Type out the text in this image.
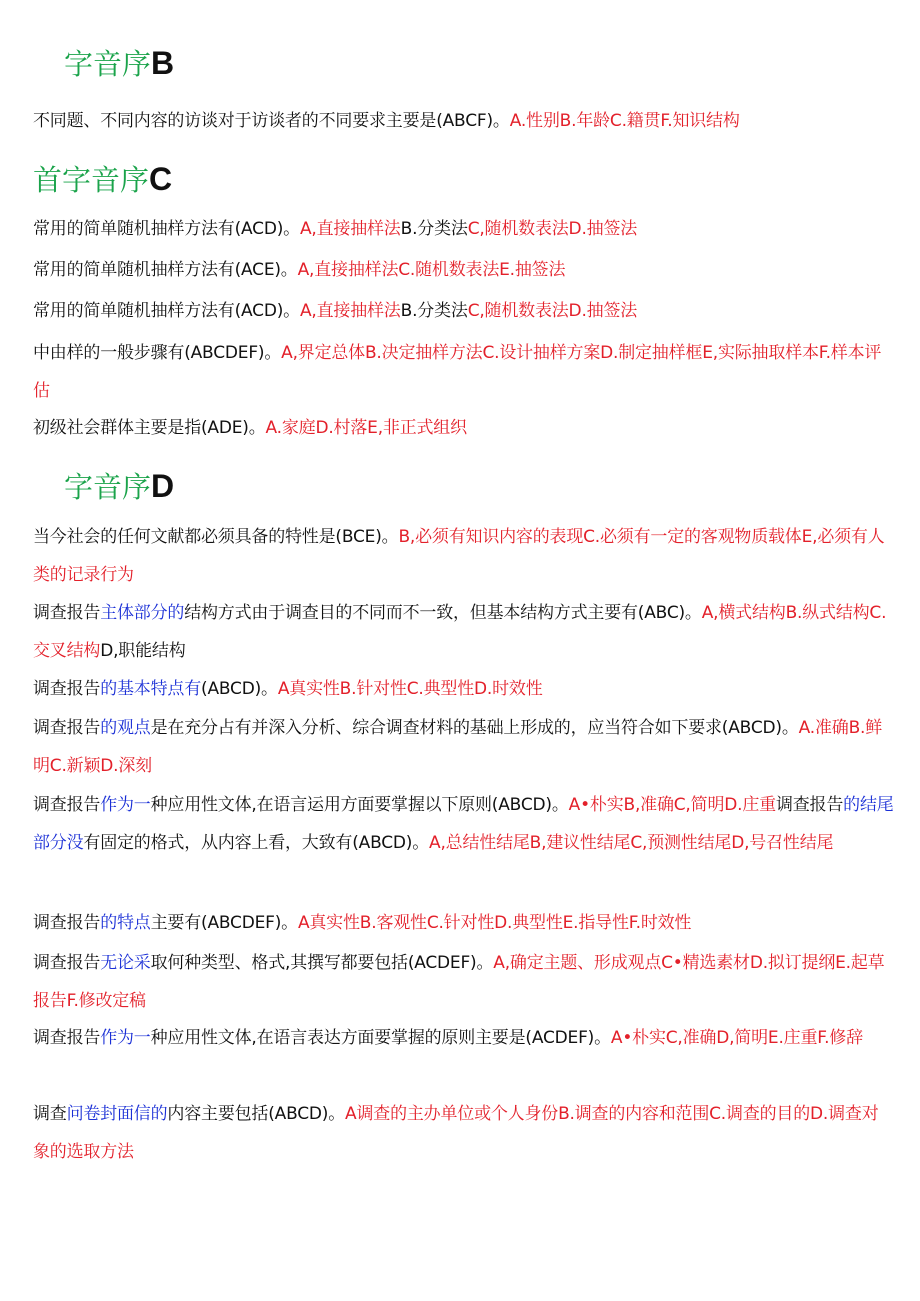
字音序B
不同题、不同内容的访谈对于访谈者的不同要求主要是(ABCF)。A.性别B.年龄C.籍贯F.知识结构
首字音序C
常用的简单随机抽样方法有(ACD)。A,直接抽样法B.分类法C,随机数表法D.抽签法
常用的简单随机抽样方法有(ACE)。A,直接抽样法C.随机数表法E.抽签法
常用的简单随机抽样方法有(ACD)。A,直接抽样法B.分类法C,随机数表法D.抽签法
中由样的一般步骤有(ABCDEF)。A,界定总体B.决定抽样方法C.设计抽样方案D.制定抽样框E,实际抽取样本F.样本评估
初级社会群体主要是指(ADE)。A.家庭D.村落E,非正式组织
字音序D
当今社会的任何文献都必须具备的特性是(BCE)。B,必须有知识内容的表现C.必须有一定的客观物质载体E,必须有人类的记录行为
调查报告主体部分的结构方式由于调查目的不同而不一致，但基本结构方式主要有(ABC)。A,横式结构B.纵式结构C.交叉结构D,职能结构
调查报告的基本特点有(ABCD)。A真实性B.针对性C.典型性D.时效性
调查报告的观点是在充分占有并深入分析、综合调查材料的基础上形成的，应当符合如下要求(ABCD)。A.准确B.鲜明C.新颖D.深刻
调查报告作为一种应用性文体,在语言运用方面要掌握以下原则(ABCD)。A•朴实B,准确C,简明D.庄重调查报告的结尾部分没有固定的格式，从内容上看，大致有(ABCD)。A,总结性结尾B,建议性结尾C,预测性结尾D,号召性结尾
调查报告的特点主要有(ABCDEF)。A真实性B.客观性C.针对性D.典型性E.指导性F.时效性
调查报告无论采取何种类型、格式,其撰写都要包括(ACDEF)。A,确定主题、形成观点C•精选素材D.拟订提纲E.起草报告F.修改定稿
调查报告作为一种应用性文体,在语言表达方面要掌握的原则主要是(ACDEF)。A•朴实C,准确D,简明E.庄重F.修辞
调查问卷封面信的内容主要包括(ABCD)。A调查的主办单位或个人身份B.调查的内容和范围C.调查的目的D.调查对象的选取方法
